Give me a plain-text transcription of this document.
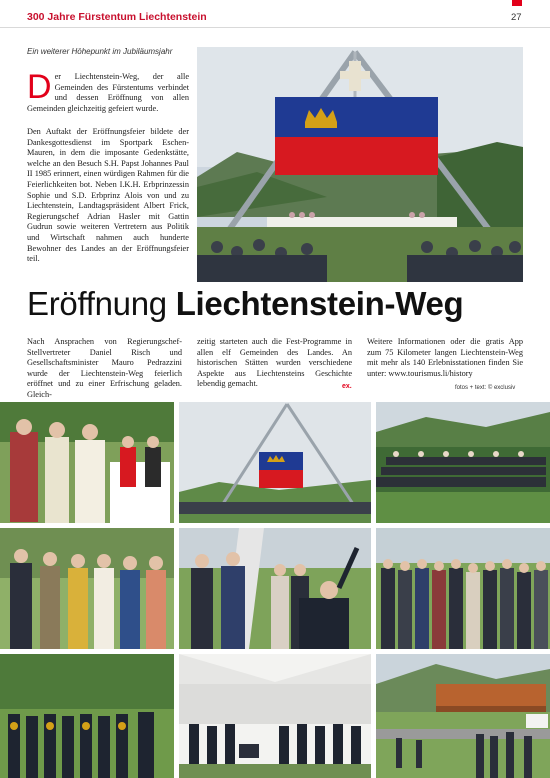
300 Jahre Fürstentum Liechtenstein	27
Ein weiterer Höhepunkt im Jubiläumsjahr

Der Liechtenstein-Weg, der alle Gemeinden des Fürstentums verbindet und dessen Eröffnung von allen Gemeinden gleichzeitig gefeiert wurde.

Den Auftakt der Eröffnungsfeier bildete der Dankesgottesdienst im Sportpark Eschen-Mauren, in dem die imposante Gedenkstätte, welche an den Besuch S.H. Papst Johannes Paul II 1985 erinnert, einen würdigen Rahmen für die Feierlichkeiten bot. Neben I.K.H. Erbprinzessin Sophie und S.D. Erbprinz Alois von und zu Liechtenstein, Landtagspräsident Albert Frick, Regierungschef Adrian Hasler mit Gattin Gudrun sowie weiteren Vertretern aus Politik und Wirtschaft nahmen auch hunderte Bewohner des Landes an der Eröffnungsfeier teil.

Eröffnung Liechtenstein-Weg

Nach Ansprachen von Regierungschef-Stellvertreter Daniel Risch und Gesellschaftsminister Mauro Pedrazzini wurde der Liechtenstein-Weg feierlich eröffnet und zu einer Erfrischung geladen. Gleich-

zeitig starteten auch die Fest-Programme in allen elf Gemeinden des Landes. An historischen Stätten wurden verschiedene Aspekte aus Liechtensteins Geschichte lebendig gemacht.	ex.

Weitere Informationen oder die gratis App zum 75 Kilometer langen Liechtenstein-Weg mit mehr als 140 Erlebnisstationen finden Sie unter: www.tourismus.li/history

fotos + text: © exclusiv
